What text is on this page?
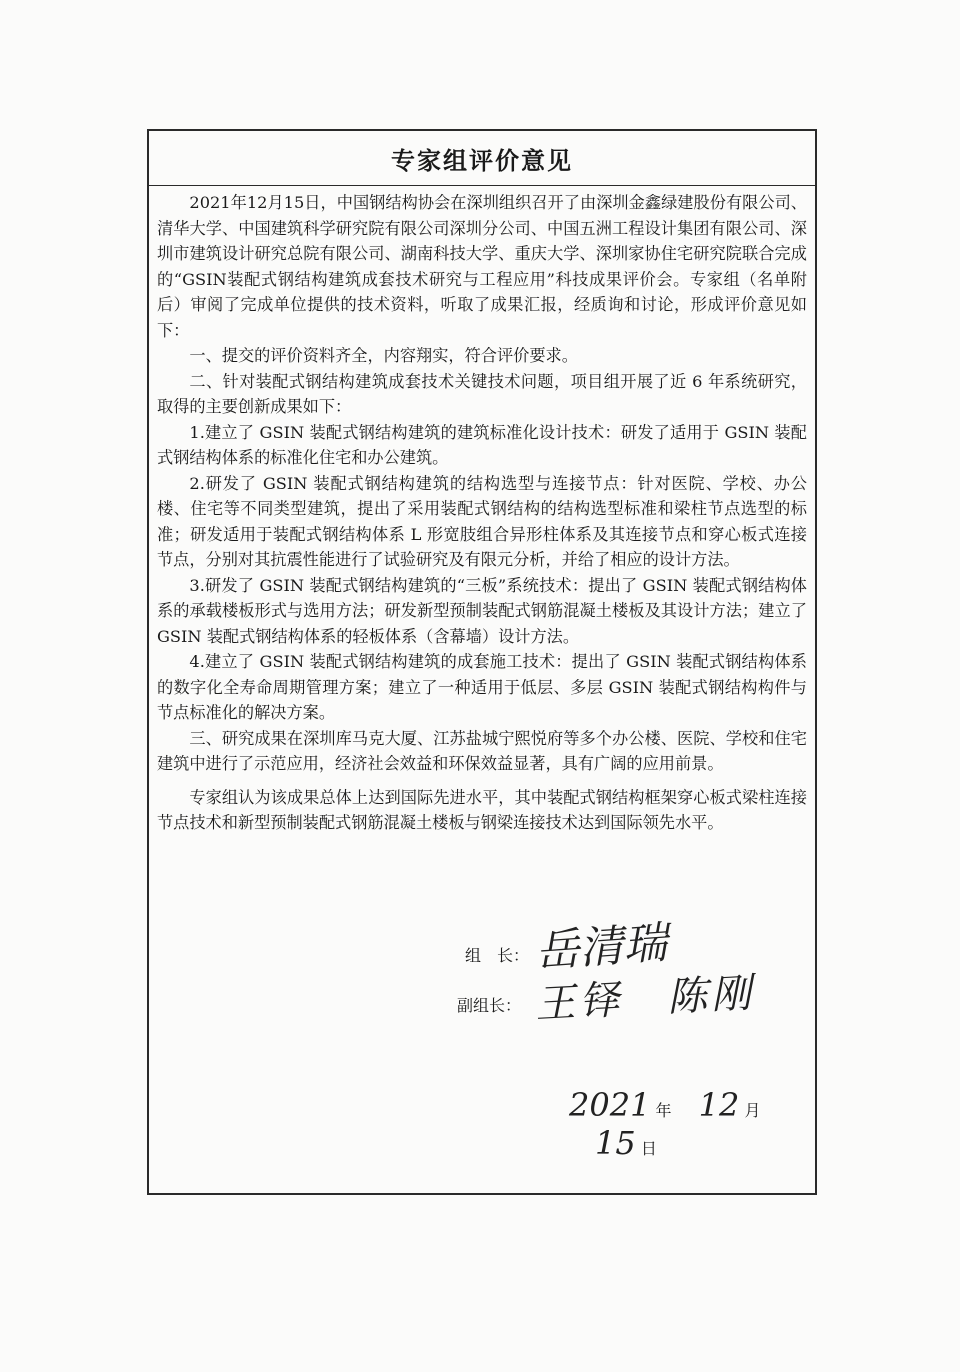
专家组评价意见

2021年12月15日，中国钢结构协会在深圳组织召开了由深圳金鑫绿建股份有限公司、清华大学、中国建筑科学研究院有限公司深圳分公司、中国五洲工程设计集团有限公司、深圳市建筑设计研究总院有限公司、湖南科技大学、重庆大学、深圳家协住宅研究院联合完成的“GSIN装配式钢结构建筑成套技术研究与工程应用”科技成果评价会。专家组（名单附后）审阅了完成单位提供的技术资料，听取了成果汇报，经质询和讨论，形成评价意见如下：

一、提交的评价资料齐全，内容翔实，符合评价要求。

二、针对装配式钢结构建筑成套技术关键技术问题，项目组开展了近 6 年系统研究，取得的主要创新成果如下：

1.建立了 GSIN 装配式钢结构建筑的建筑标准化设计技术：研发了适用于 GSIN 装配式钢结构体系的标准化住宅和办公建筑。

2.研发了 GSIN 装配式钢结构建筑的结构选型与连接节点：针对医院、学校、办公楼、住宅等不同类型建筑，提出了采用装配式钢结构的结构选型标准和梁柱节点选型的标准；研发适用于装配式钢结构体系 L 形宽肢组合异形柱体系及其连接节点和穿心板式连接节点，分别对其抗震性能进行了试验研究及有限元分析，并给了相应的设计方法。

3.研发了 GSIN 装配式钢结构建筑的“三板”系统技术：提出了 GSIN 装配式钢结构体系的承载楼板形式与选用方法；研发新型预制装配式钢筋混凝土楼板及其设计方法；建立了 GSIN 装配式钢结构体系的轻板体系（含幕墙）设计方法。

4.建立了 GSIN 装配式钢结构建筑的成套施工技术：提出了 GSIN 装配式钢结构体系的数字化全寿命周期管理方案；建立了一种适用于低层、多层 GSIN 装配式钢结构构件与节点标准化的解决方案。

三、研究成果在深圳库马克大厦、江苏盐城宁熙悦府等多个办公楼、医院、学校和住宅建筑中进行了示范应用，经济社会效益和环保效益显著，具有广阔的应用前景。

专家组认为该成果总体上达到国际先进水平，其中装配式钢结构框架穿心板式梁柱连接节点技术和新型预制装配式钢筋混凝土楼板与钢梁连接技术达到国际领先水平。

组　长： 岳清瑞
副组长： 王铎　陈刚
2021 年 12 月 15 日
